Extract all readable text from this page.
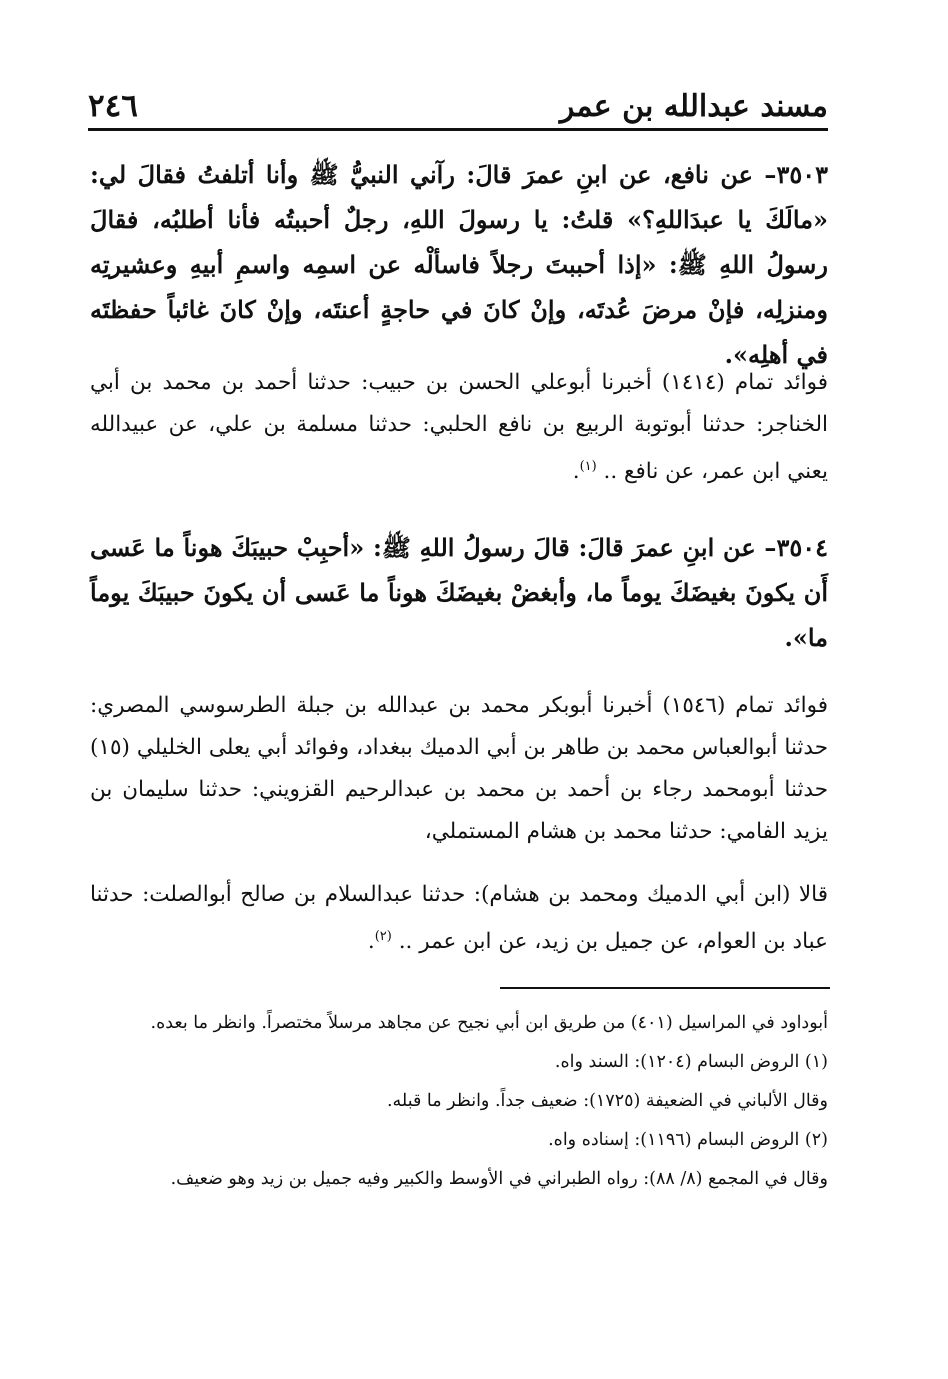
٢٤٦	مسند عبدالله بن عمر
٣٥٠٣– عن نافع، عن ابنِ عمرَ قالَ: رآني النبيُّ ﷺ وأنا أتلفتُ فقالَ لي: «مالَكَ يا عبدَاللهِ؟» قلتُ: يا رسولَ اللهِ، رجلٌ أحببتُه فأنا أطلبُه، فقالَ رسولُ اللهِ ﷺ: «إذا أحببتَ رجلاً فاسألْه عن اسمِه واسمِ أبيهِ وعشيرتِه ومنزلِه، فإنْ مرضَ عُدتَه، وإنْ كانَ في حاجةٍ أعنتَه، وإنْ كانَ غائباً حفظتَه في أهلِه».
فوائد تمام (١٤١٤) أخبرنا أبوعلي الحسن بن حبيب: حدثنا أحمد بن محمد بن أبي الخناجر: حدثنا أبوتوبة الربيع بن نافع الحلبي: حدثنا مسلمة بن علي، عن عبيدالله يعني ابن عمر، عن نافع .. $^{(١)}$.
٣٥٠٤– عن ابنِ عمرَ قالَ: قالَ رسولُ اللهِ ﷺ: «أحبِبْ حبيبَكَ هوناً ما عَسى أَن يكونَ بغيضَكَ يوماً ما، وأبغضْ بغيضَكَ هوناً ما عَسى أن يكونَ حبيبَكَ يوماً ما».
فوائد تمام (١٥٤٦) أخبرنا أبوبكر محمد بن عبدالله بن جبلة الطرسوسي المصري: حدثنا أبوالعباس محمد بن طاهر بن أبي الدميك ببغداد، وفوائد أبي يعلى الخليلي (١٥) حدثنا أبومحمد رجاء بن أحمد بن محمد بن عبدالرحيم القزويني: حدثنا سليمان بن يزيد الفامي: حدثنا محمد بن هشام المستملي،
قالا (ابن أبي الدميك ومحمد بن هشام): حدثنا عبدالسلام بن صالح أبوالصلت: حدثنا عباد بن العوام، عن جميل بن زيد، عن ابن عمر .. $^{(٢)}$.

أبوداود في المراسيل (٤٠١) من طريق ابن أبي نجيح عن مجاهد مرسلاً مختصراً. وانظر ما بعده.

(١) الروض البسام (١٢٠٤): السند واه.

وقال الألباني في الضعيفة (١٧٢٥): ضعيف جداً. وانظر ما قبله.

(٢) الروض البسام (١١٩٦): إسناده واه.

وقال في المجمع (٨/ ٨٨): رواه الطبراني في الأوسط والكبير وفيه جميل بن زيد وهو ضعيف.
